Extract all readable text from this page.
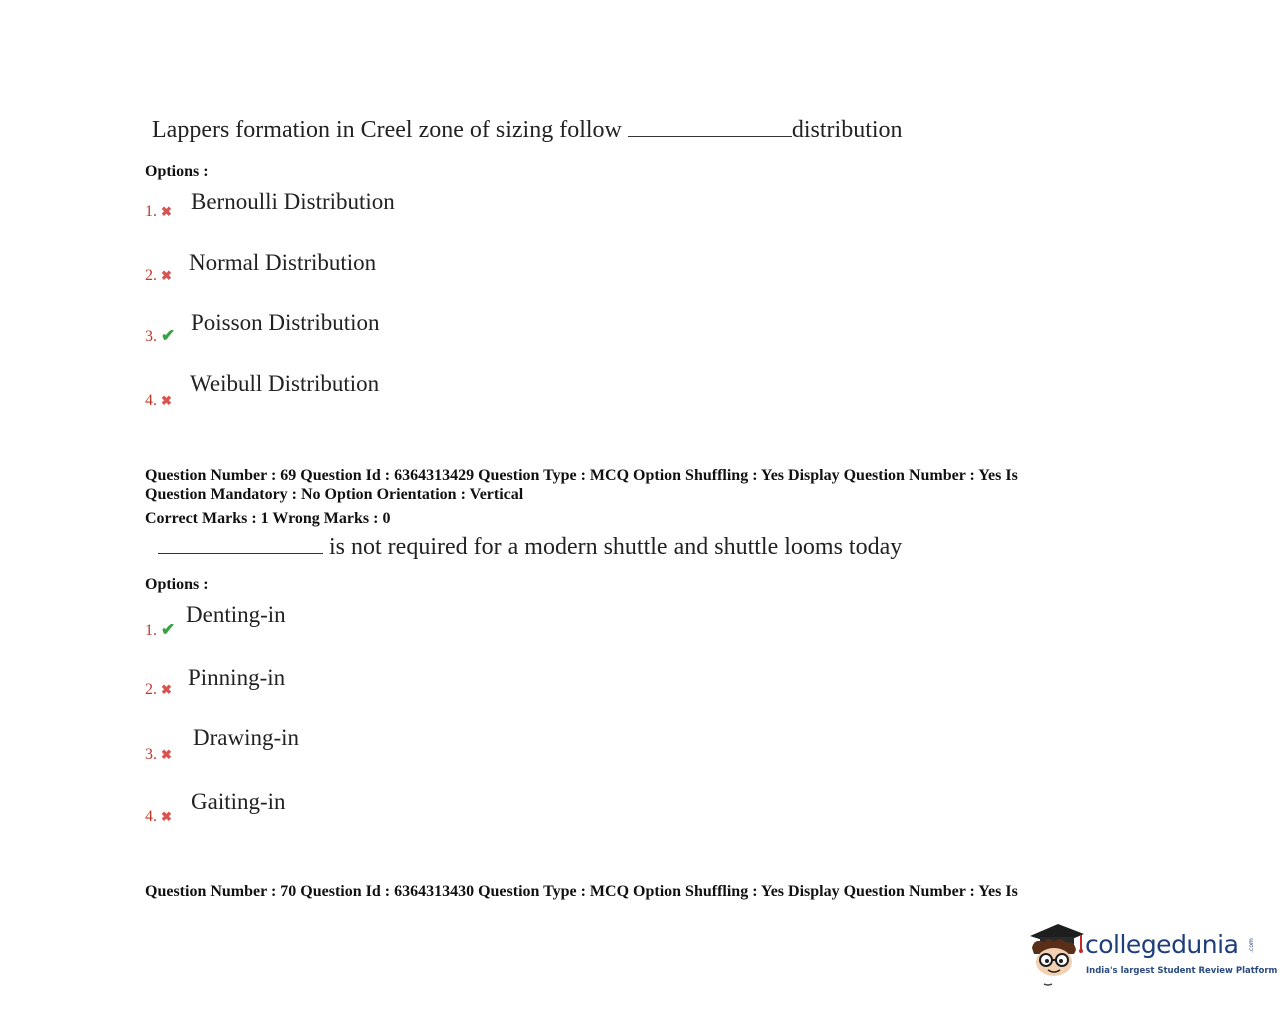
Lappers formation in Creel zone of sizing follow	distribution
Options :
1. ✖ Bernoulli Distribution
2. ✖
Normal Distribution
3. ✔
Poisson Distribution
4. ✖
Weibull Distribution
Question Number : 69 Question Id : 6364313429 Question Type : MCQ Option Shuffling : Yes Display Question Number : Yes Is
Question Mandatory : No Option Orientation : Vertical
Correct Marks : 1 Wrong Marks : 0
is not required for a modern shuttle and shuttle looms today
Options :
1. ✔
Denting-in
2. ✖ Pinning-in
3. ✖
Drawing-in
4. ✖
Gaiting-in
Question Number : 70 Question Id : 6364313430 Question Type : MCQ Option Shuffling : Yes Display Question Number : Yes Is
collegedunia .com
India's largest Student Review Platform
